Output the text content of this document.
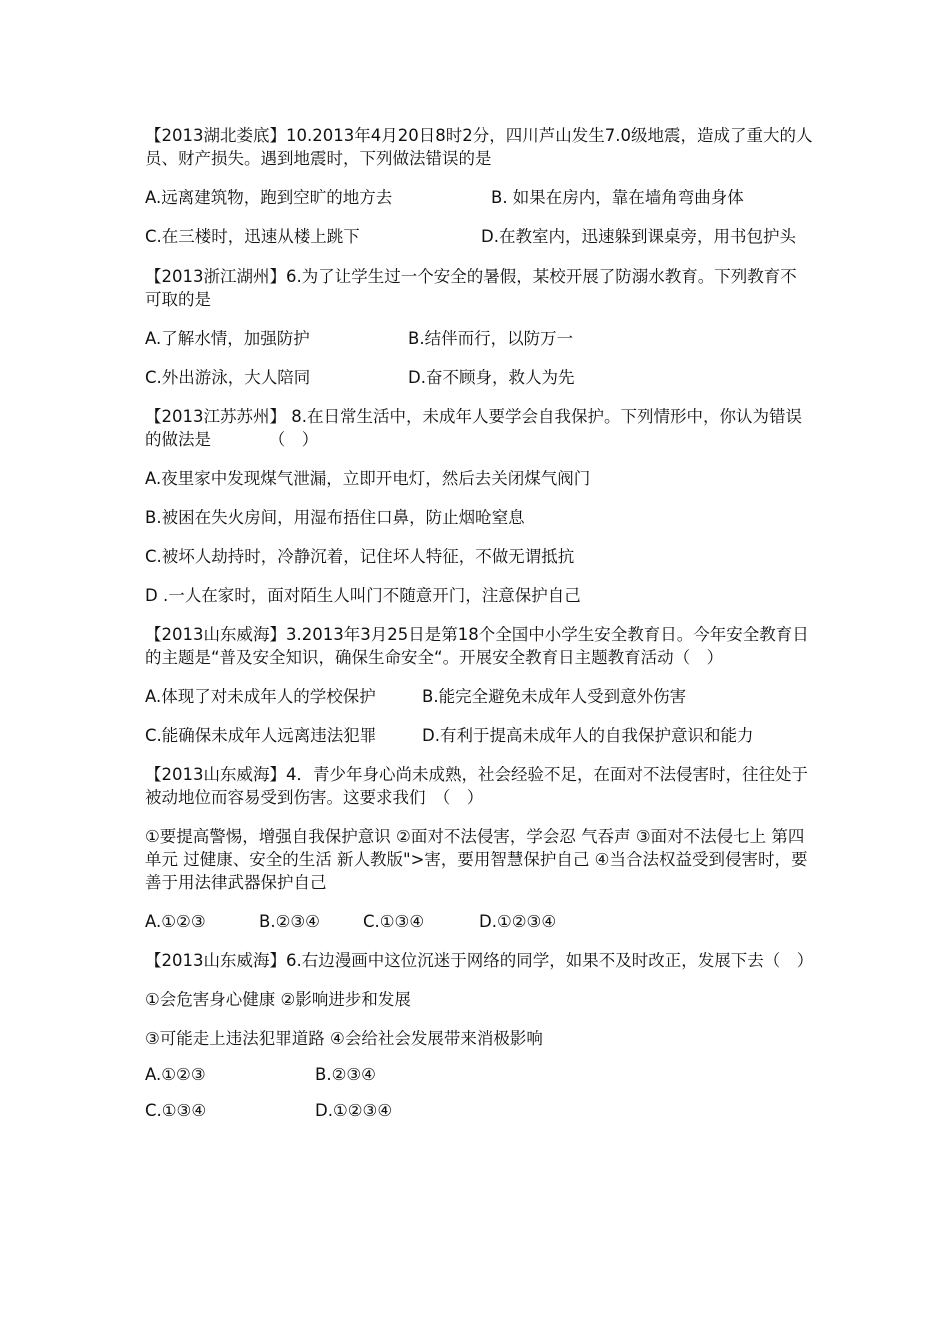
【2013湖北娄底】10.2013年4月20日8时2分，四川芦山发生7.0级地震，造成了重大的人员、财产损失。遇到地震时，下列做法错误的是

A.远离建筑物，跑到空旷的地方去	B. 如果在房内，靠在墙角弯曲身体
C.在三楼时，迅速从楼上跳下	D.在教室内，迅速躲到课桌旁，用书包护头

【2013浙江湖州】6.为了让学生过一个安全的暑假，某校开展了防溺水教育。下列教育不可取的是

A.了解水情，加强防护	B.结伴而行，以防万一
C.外出游泳，大人陪同	D.奋不顾身，救人为先

【2013江苏苏州】 8.在日常生活中，未成年人要学会自我保护。下列情形中，你认为错误的做法是　　　　（　）

A.夜里家中发现煤气泄漏，立即开电灯，然后去关闭煤气阀门

B.被困在失火房间，用湿布捂住口鼻，防止烟呛窒息

C.被坏人劫持时，冷静沉着，记住坏人特征，不做无谓抵抗

D .一人在家时，面对陌生人叫门不随意开门，注意保护自己

【2013山东威海】3.2013年3月25日是第18个全国中小学生安全教育日。今年安全教育日的主题是“普及安全知识，确保生命安全“。开展安全教育日主题教育活动（　）

A.体现了对未成年人的学校保护	B.能完全避免未成年人受到意外伤害
C.能确保未成年人远离违法犯罪	D.有利于提高未成年人的自我保护意识和能力

【2013山东威海】4．青少年身心尚未成熟，社会经验不足，在面对不法侵害时，往往处于被动地位而容易受到伤害。这要求我们　（　）

①要提高警惕，增强自我保护意识 ②面对不法侵害，学会忍 气吞声 ③面对不法侵七上 第四单元 过健康、安全的生活 新人教版">害，要用智慧保护自己 ④当合法权益受到侵害时，要善于用法律武器保护自己

A.①②③	B.②③④	C.①③④	D.①②③④

【2013山东威海】6.右边漫画中这位沉迷于网络的同学，如果不及时改正，发展下去（　）

①会危害身心健康 ②影响进步和发展

③可能走上违法犯罪道路 ④会给社会发展带来消极影响

A.①②③	B.②③④
C.①③④	D.①②③④
